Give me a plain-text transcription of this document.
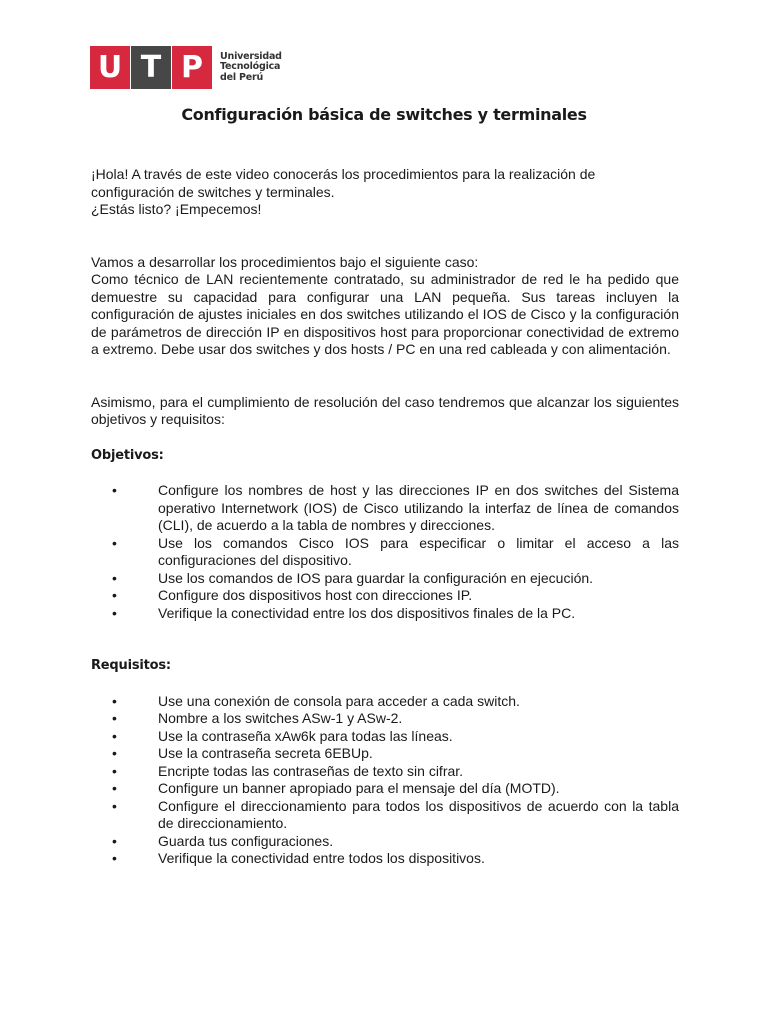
U T P	Universidad
Tecnológica
del Perú
Configuración básica de switches y terminales

¡Hola! A través de este video conocerás los procedimientos para la realización de configuración de switches y terminales.

¿Estás listo? ¡Empecemos!

Vamos a desarrollar los procedimientos bajo el siguiente caso:

Como técnico de LAN recientemente contratado, su administrador de red le ha pedido que demuestre su capacidad para configurar una LAN pequeña. Sus tareas incluyen la configuración de ajustes iniciales en dos switches utilizando el IOS de Cisco y la configuración de parámetros de dirección IP en dispositivos host para proporcionar conectividad de extremo a extremo. Debe usar dos switches y dos hosts / PC en una red cableada y con alimentación.

Asimismo, para el cumplimiento de resolución del caso tendremos que alcanzar los siguientes objetivos y requisitos:

Objetivos:

•	Configure los nombres de host y las direcciones IP en dos switches del Sistema operativo Internetwork (IOS) de Cisco utilizando la interfaz de línea de comandos (CLI), de acuerdo a la tabla de nombres y direcciones.
•	Use los comandos Cisco IOS para especificar o limitar el acceso a las configuraciones del dispositivo.
•	Use los comandos de IOS para guardar la configuración en ejecución.
•	Configure dos dispositivos host con direcciones IP.
•	Verifique la conectividad entre los dos dispositivos finales de la PC.

Requisitos:

•	Use una conexión de consola para acceder a cada switch.
•	Nombre a los switches ASw-1 y ASw-2.
•	Use la contraseña xAw6k para todas las líneas.
•	Use la contraseña secreta 6EBUp.
•	Encripte todas las contraseñas de texto sin cifrar.
•	Configure un banner apropiado para el mensaje del día (MOTD).
•	Configure el direccionamiento para todos los dispositivos de acuerdo con la tabla de direccionamiento.
•	Guarda tus configuraciones.
•	Verifique la conectividad entre todos los dispositivos.
